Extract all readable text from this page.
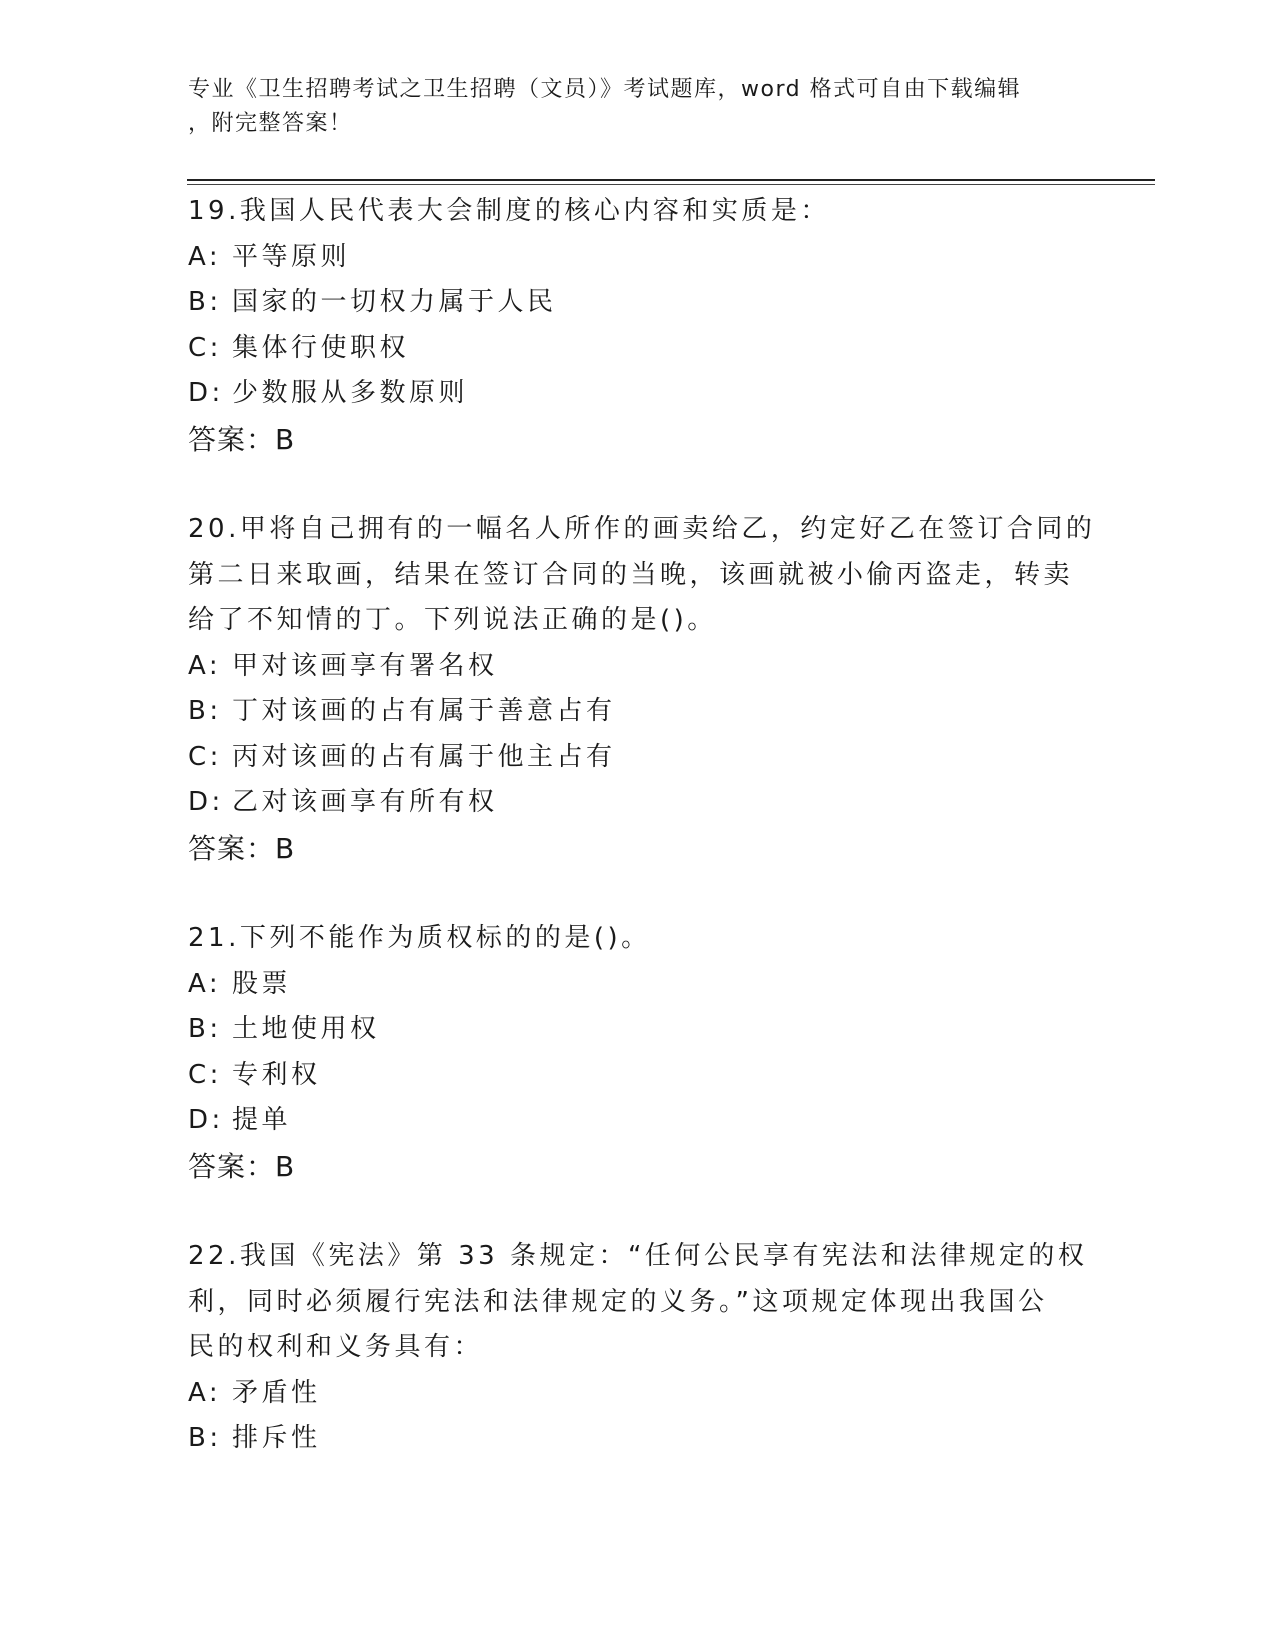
专业《卫生招聘考试之卫生招聘（文员）》考试题库，word 格式可自由下载编辑
，附完整答案！
19.我国人民代表大会制度的核心内容和实质是：
A: 平等原则
B: 国家的一切权力属于人民
C: 集体行使职权
D: 少数服从多数原则
答案：B
20.甲将自己拥有的一幅名人所作的画卖给乙，约定好乙在签订合同的
第二日来取画，结果在签订合同的当晚，该画就被小偷丙盗走，转卖
给了不知情的丁。下列说法正确的是()。
A: 甲对该画享有署名权
B: 丁对该画的占有属于善意占有
C: 丙对该画的占有属于他主占有
D: 乙对该画享有所有权
答案：B
21.下列不能作为质权标的的是()。
A: 股票
B: 土地使用权
C: 专利权
D: 提单
答案：B
22.我国《宪法》第 33 条规定：“任何公民享有宪法和法律规定的权
利，同时必须履行宪法和法律规定的义务。”这项规定体现出我国公
民的权利和义务具有：
A: 矛盾性
B: 排斥性
